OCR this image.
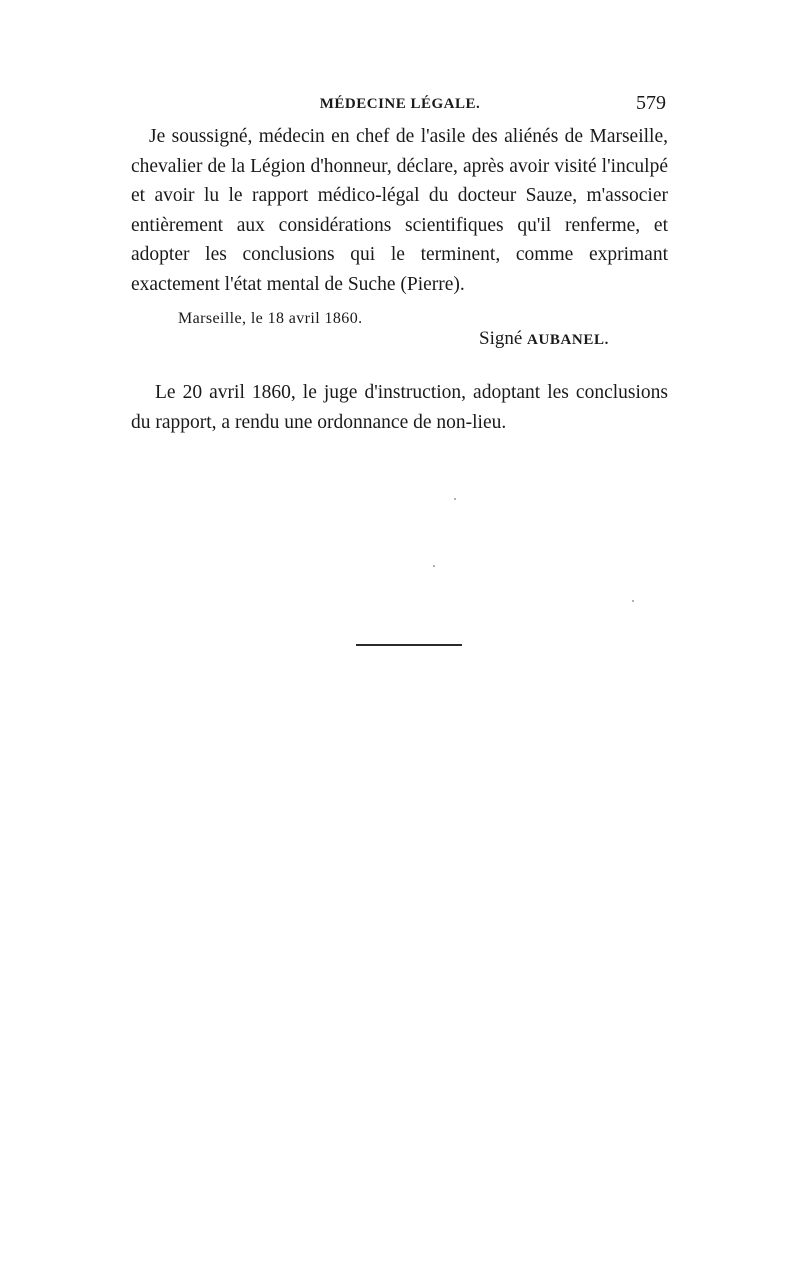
MÉDECINE LÉGALE.	579

Je soussigné, médecin en chef de l'asile des aliénés de Marseille, chevalier de la Légion d'honneur, déclare, après avoir visité l'inculpé et avoir lu le rapport médico-légal du docteur Sauze, m'associer entièrement aux considérations scientifiques qu'il renferme, et adopter les conclusions qui le terminent, comme exprimant exactement l'état mental de Suche (Pierre).

Marseille, le 18 avril 1860.
Signé AUBANEL.

Le 20 avril 1860, le juge d'instruction, adoptant les conclusions du rapport, a rendu une ordonnance de non-lieu.
